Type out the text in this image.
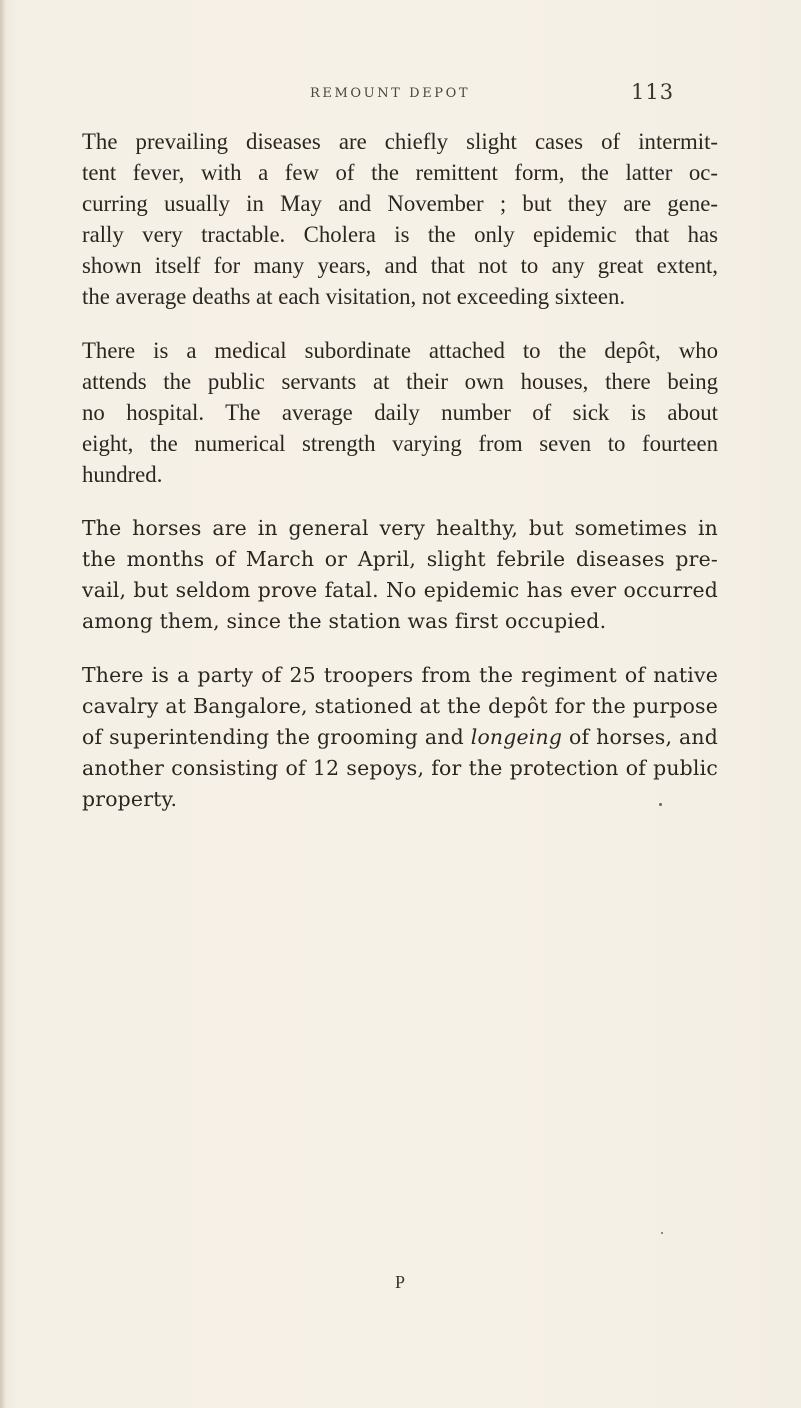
REMOUNT DEPOT	113

The prevailing diseases are chiefly slight cases of intermit-
tent fever, with a few of the remittent form, the latter oc-
curring usually in May and November ; but they are gene-
rally very tractable. Cholera is the only epidemic that has
shown itself for many years, and that not to any great extent,
the average deaths at each visitation, not exceeding sixteen.

There is a medical subordinate attached to the depôt, who
attends the public servants at their own houses, there being
no hospital. The average daily number of sick is about
eight, the numerical strength varying from seven to fourteen
hundred.

The horses are in general very healthy, but sometimes in
the months of March or April, slight febrile diseases pre-
vail, but seldom prove fatal. No epidemic has ever occurred
among them, since the station was first occupied.

There is a party of 25 troopers from the regiment of native
cavalry at Bangalore, stationed at the depôt for the purpose
of superintending the grooming and longeing of horses, and
another consisting of 12 sepoys, for the protection of public
property.

P
